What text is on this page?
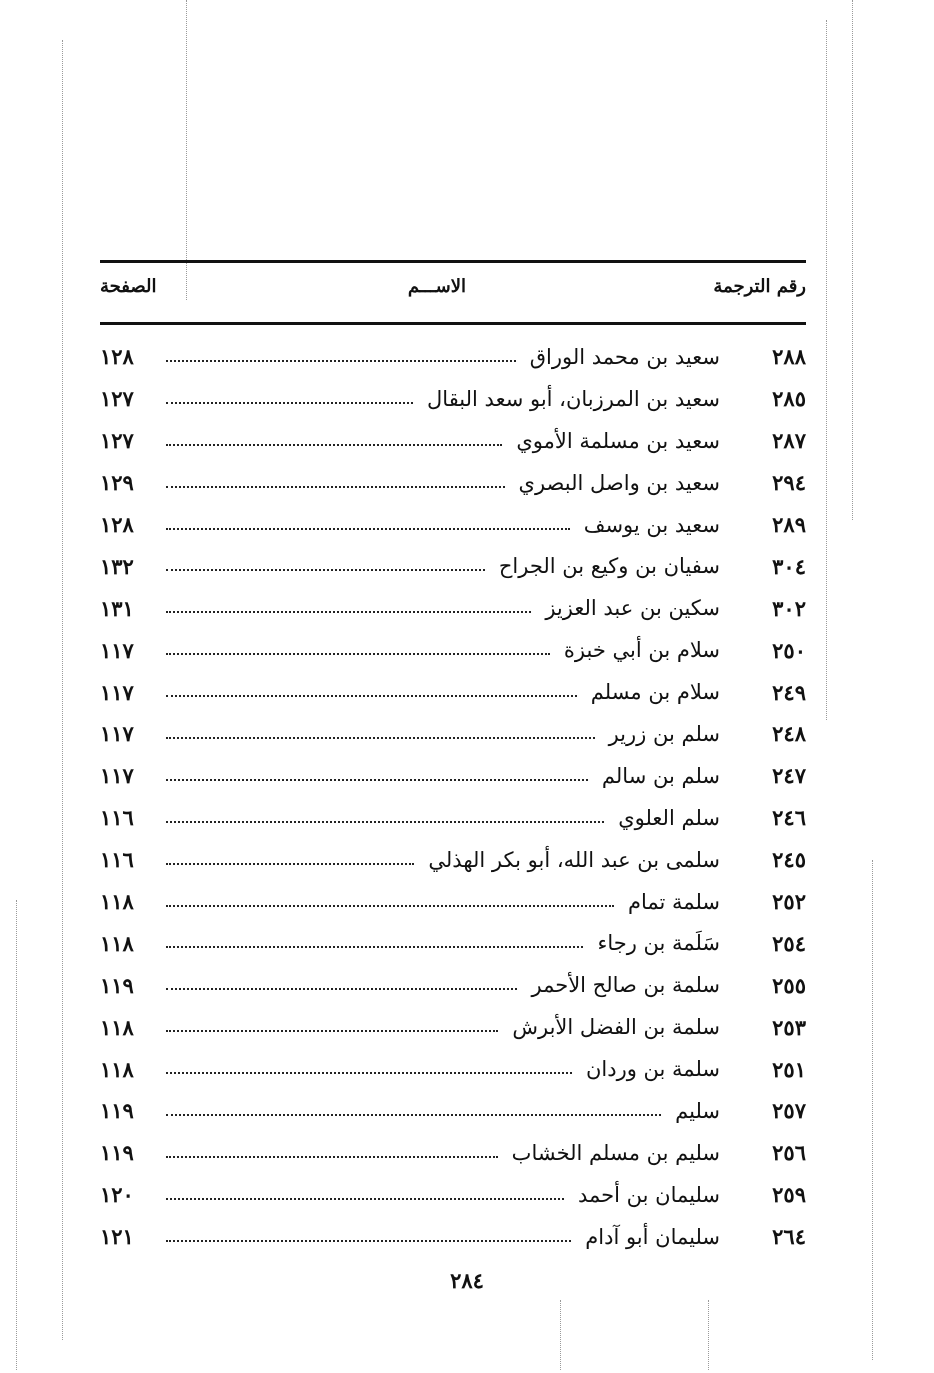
رقم الترجمة
الاســـم
الصفحة
٢٨٨
سعيد بن محمد الوراق
١٢٨
٢٨٥
سعيد بن المرزبان، أبو سعد البقال
١٢٧
٢٨٧
سعيد بن مسلمة الأموي
١٢٧
٢٩٤
سعيد بن واصل البصري
١٢٩
٢٨٩
سعيد بن يوسف
١٢٨
٣٠٤
سفيان بن وكيع بن الجراح
١٣٢
٣٠٢
سكين بن عبد العزيز
١٣١
٢٥٠
سلام بن أبي خبزة
١١٧
٢٤٩
سلام بن مسلم
١١٧
٢٤٨
سلم بن زرير
١١٧
٢٤٧
سلم بن سالم
١١٧
٢٤٦
سلم العلوي
١١٦
٢٤٥
سلمى بن عبد الله، أبو بكر الهذلي
١١٦
٢٥٢
سلمة تمام
١١٨
٢٥٤
سَلَمة بن رجاء
١١٨
٢٥٥
سلمة بن صالح الأحمر
١١٩
٢٥٣
سلمة بن الفضل الأبرش
١١٨
٢٥١
سلمة بن وردان
١١٨
٢٥٧
سليم
١١٩
٢٥٦
سليم بن مسلم الخشاب
١١٩
٢٥٩
سليمان بن أحمد
١٢٠
٢٦٤
سليمان أبو آدام
١٢١
٢٨٤
